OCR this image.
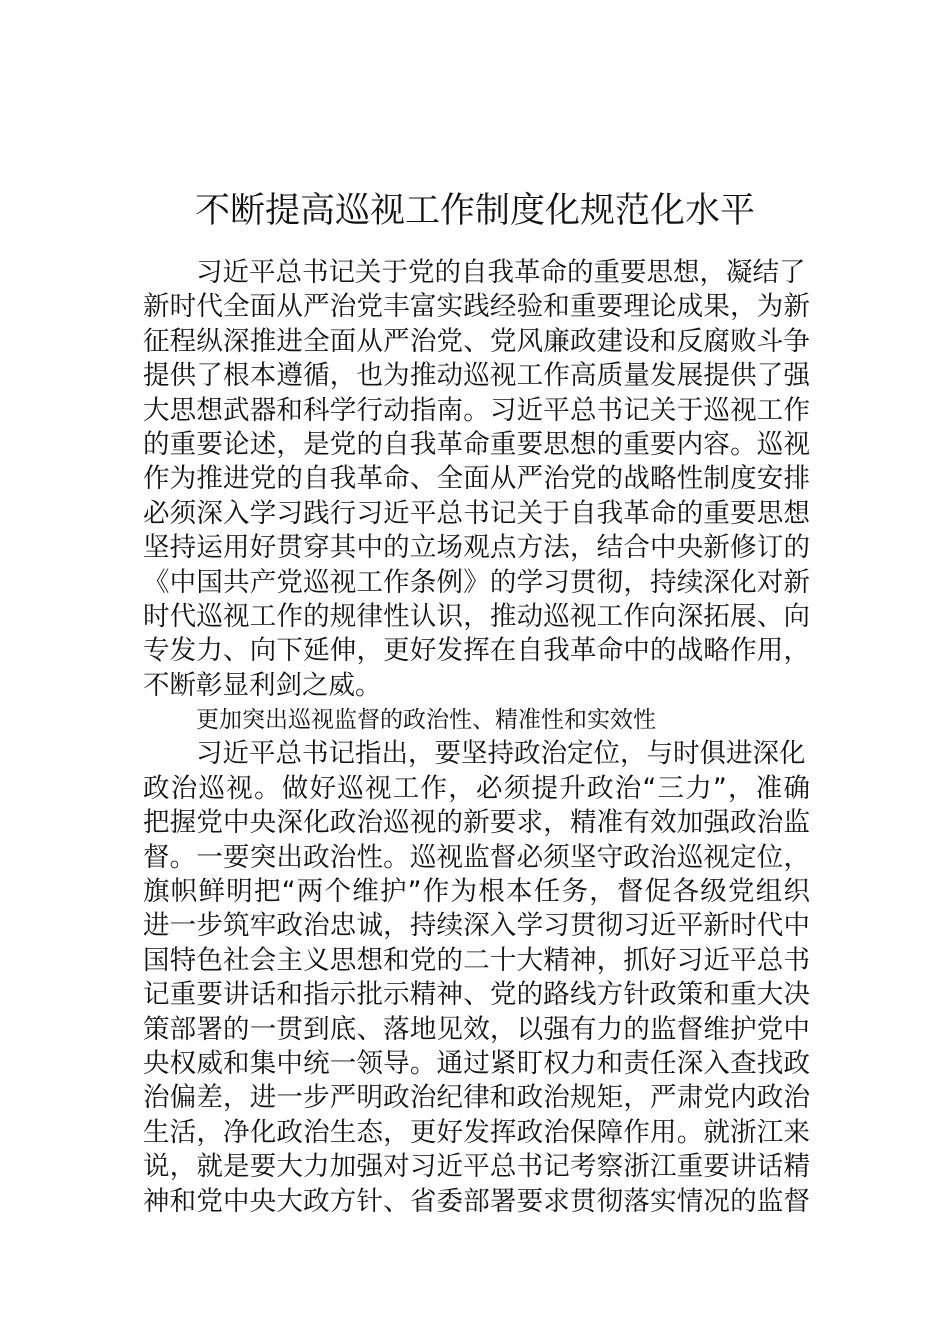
不断提高巡视工作制度化规范化水平
习近平总书记关于党的自我革命的重要思想，凝结了
新时代全面从严治党丰富实践经验和重要理论成果，为新
征程纵深推进全面从严治党、党风廉政建设和反腐败斗争
提供了根本遵循，也为推动巡视工作高质量发展提供了强
大思想武器和科学行动指南。习近平总书记关于巡视工作
的重要论述，是党的自我革命重要思想的重要内容。巡视
作为推进党的自我革命、全面从严治党的战略性制度安排
必须深入学习践行习近平总书记关于自我革命的重要思想
坚持运用好贯穿其中的立场观点方法，结合中央新修订的
《中国共产党巡视工作条例》的学习贯彻，持续深化对新
时代巡视工作的规律性认识，推动巡视工作向深拓展、向
专发力、向下延伸，更好发挥在自我革命中的战略作用，
不断彰显利剑之威。
更加突出巡视监督的政治性、精准性和实效性
习近平总书记指出，要坚持政治定位，与时俱进深化
政治巡视。做好巡视工作，必须提升政治“三力”，准确
把握党中央深化政治巡视的新要求，精准有效加强政治监
督。一要突出政治性。巡视监督必须坚守政治巡视定位，
旗帜鲜明把“两个维护”作为根本任务，督促各级党组织
进一步筑牢政治忠诚，持续深入学习贯彻习近平新时代中
国特色社会主义思想和党的二十大精神，抓好习近平总书
记重要讲话和指示批示精神、党的路线方针政策和重大决
策部署的一贯到底、落地见效，以强有力的监督维护党中
央权威和集中统一领导。通过紧盯权力和责任深入查找政
治偏差，进一步严明政治纪律和政治规矩，严肃党内政治
生活，净化政治生态，更好发挥政治保障作用。就浙江来
说，就是要大力加强对习近平总书记考察浙江重要讲话精
神和党中央大政方针、省委部署要求贯彻落实情况的监督
